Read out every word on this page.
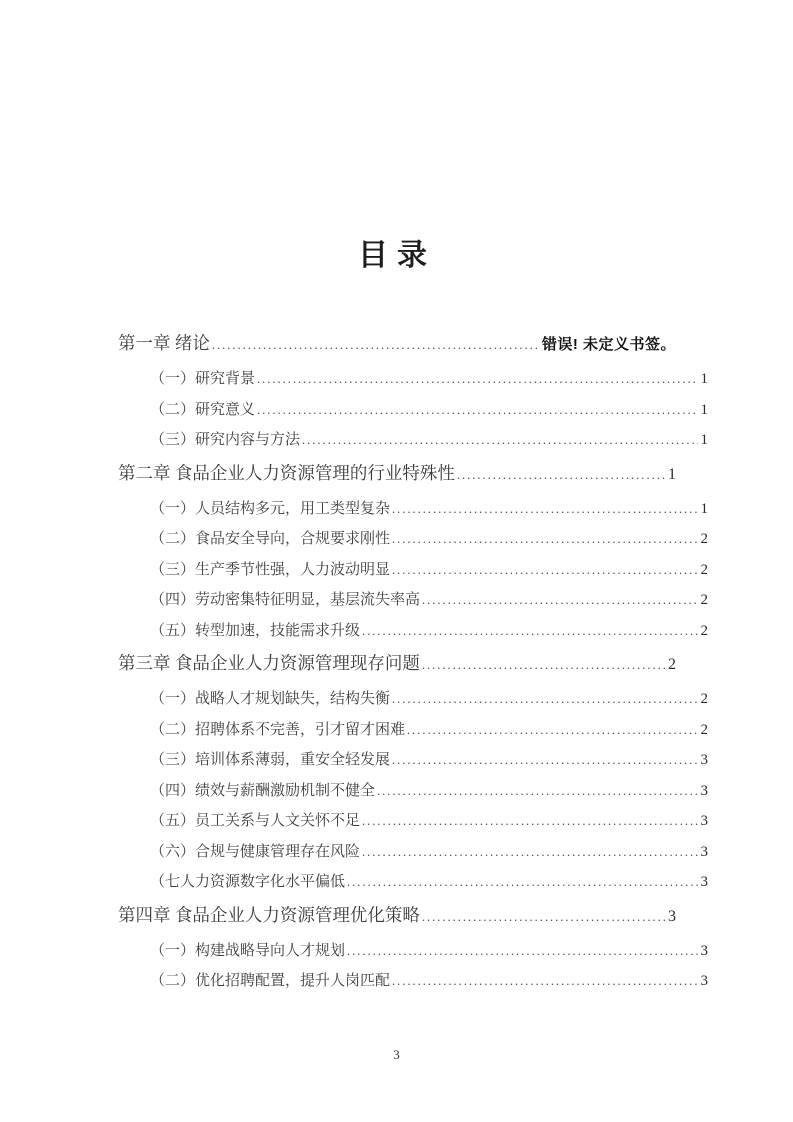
目录
第一章 绪论 .....	错误! 未定义书签。
（一）研究背景 .....	1
（二）研究意义 .....	1
（三）研究内容与方法 .....	1
第二章 食品企业人力资源管理的行业特殊性 .....	1
（一）人员结构多元，用工类型复杂 .....	1
（二）食品安全导向，合规要求刚性 .....	2
（三）生产季节性强，人力波动明显 .....	2
（四）劳动密集特征明显，基层流失率高 .....	2
（五）转型加速，技能需求升级 .....	2
第三章 食品企业人力资源管理现存问题 .....	2
（一）战略人才规划缺失，结构失衡 .....	2
（二）招聘体系不完善，引才留才困难 .....	2
（三）培训体系薄弱，重安全轻发展 .....	3
（四）绩效与薪酬激励机制不健全 .....	3
（五）员工关系与人文关怀不足 .....	3
（六）合规与健康管理存在风险 .....	3
（七人力资源数字化水平偏低 .....	3
第四章 食品企业人力资源管理优化策略 .....	3
（一）构建战略导向人才规划 .....	3
（二）优化招聘配置，提升人岗匹配 .....	3
3
